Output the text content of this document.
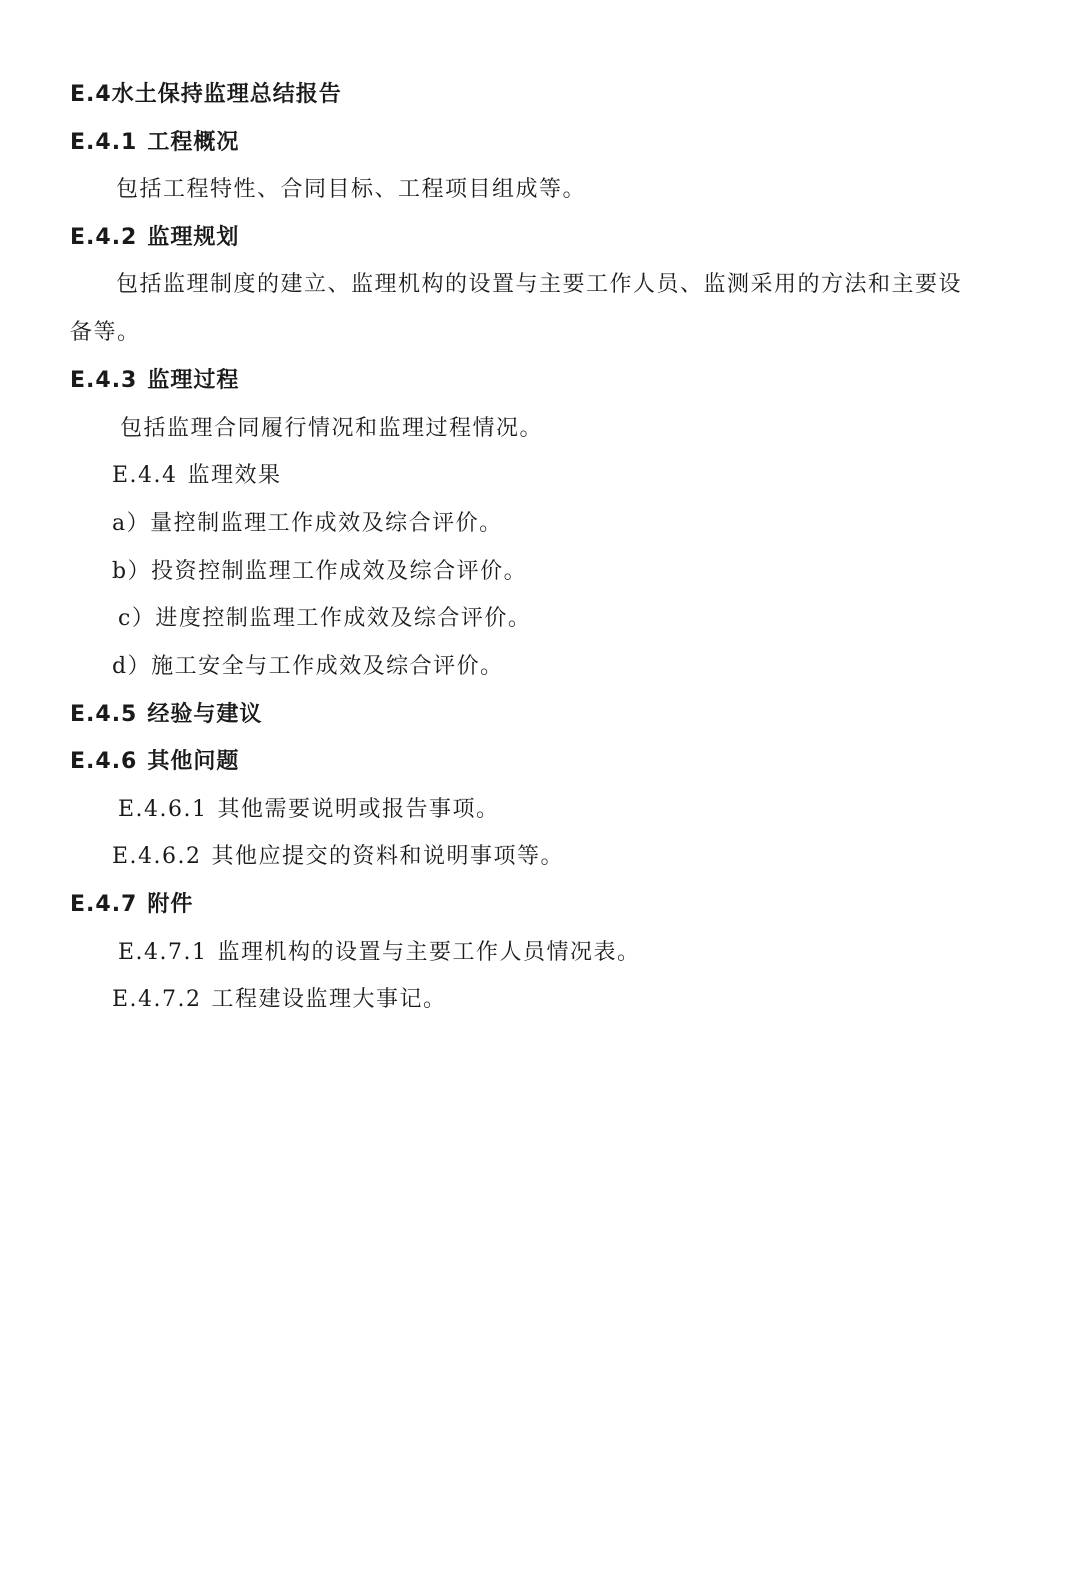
E.4水土保持监理总结报告
E.4.1 工程概况
包括工程特性、合同目标、工程项目组成等。
E.4.2 监理规划
包括监理制度的建立、监理机构的设置与主要工作人员、监测采用的方法和主要设
备等。
E.4.3 监理过程
包括监理合同履行情况和监理过程情况。
E.4.4 监理效果
a）量控制监理工作成效及综合评价。
b）投资控制监理工作成效及综合评价。
c）进度控制监理工作成效及综合评价。
d）施工安全与工作成效及综合评价。
E.4.5 经验与建议
E.4.6 其他问题
E.4.6.1 其他需要说明或报告事项。
E.4.6.2 其他应提交的资料和说明事项等。
E.4.7 附件
E.4.7.1 监理机构的设置与主要工作人员情况表。
E.4.7.2 工程建设监理大事记。
